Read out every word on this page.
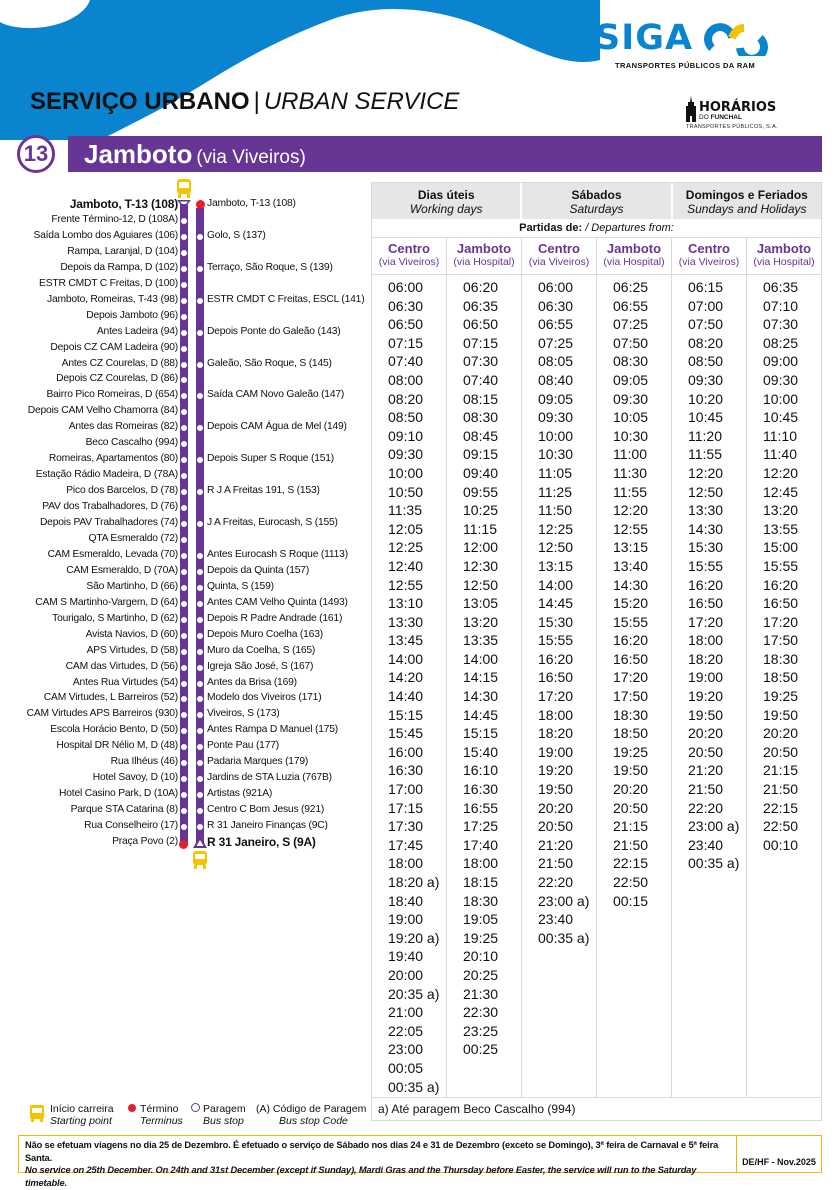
SIGA
TRANSPORTES PÚBLICOS DA RAM
HORÁRIOS
DO FUNCHAL
TRANSPORTES PÚBLICOS, S.A.
SERVIÇO URBANO | URBAN SERVICE
13 Jamboto (via Viveiros)
Jamboto, T-13 (108)
Frente Término-12, D (108A)
Saída Lombo dos Aguiares (106)
Rampa, Laranjal, D (104)
Depois da Rampa, D (102)
ESTR CMDT C Freitas, D (100)
Jamboto, Romeiras, T-43 (98)
Depois Jamboto (96)
Antes Ladeira (94)
Depois CZ CAM Ladeira (90)
Antes CZ Courelas, D (88)
Depois CZ Courelas, D (86)
Bairro Pico Romeiras, D (654)
Depois CAM Velho Chamorra (84)
Antes das Romeiras (82)
Beco Cascalho (994)
Romeiras, Apartamentos (80)
Estação Rádio Madeira, D (78A)
Pico dos Barcelos, D (78)
PAV dos Trabalhadores, D (76)
Depois PAV Trabalhadores (74)
QTA Esmeraldo (72)
CAM Esmeraldo, Levada (70)
CAM Esmeraldo, D (70A)
São Martinho, D (66)
CAM S Martinho-Vargem, D (64)
Tourigalo, S Martinho, D (62)
Avista Navios, D (60)
APS Virtudes, D (58)
CAM das Virtudes, D (56)
Antes Rua Virtudes (54)
CAM Virtudes, L Barreiros (52)
CAM Virtudes APS Barreiros (930)
Escola Horácio Bento, D (50)
Hospital DR Nélio M, D (48)
Rua Ilhéus (46)
Hotel Savoy, D (10)
Hotel Casino Park, D (10A)
Parque STA Catarina (8)
Rua Conselheiro (17)
Praça Povo (2)
Jamboto, T-13 (108)
Golo, S (137)
Terraço, São Roque, S (139)
ESTR CMDT C Freitas, ESCL (141)
Depois Ponte do Galeão (143)
Galeão, São Roque, S (145)
Saída CAM Novo Galeão (147)
Depois CAM Água de Mel (149)
Depois Super S Roque (151)
R J A Freitas 191, S (153)
J A Freitas, Eurocash, S (155)
Antes Eurocash S Roque (1113)
Depois da Quinta (157)
Quinta, S (159)
Antes CAM Velho Quinta (1493)
Depois R Padre Andrade (161)
Depois Muro Coelha (163)
Muro da Coelha, S (165)
Igreja São José, S (167)
Antes da Brisa (169)
Modelo dos Viveiros (171)
Viveiros, S (173)
Antes Rampa D Manuel (175)
Ponte Pau (177)
Padaria Marques (179)
Jardins de STA Luzia (767B)
Artistas (921A)
Centro C Bom Jesus (921)
R 31 Janeiro Finanças (9C)
R 31 Janeiro, S (9A)
Dias úteis
Working days
Sábados
Saturdays
Domingos e Feriados
Sundays and Holidays
Partidas de: / Departures from:
Centro
(via Viveiros)
Jamboto
(via Hospital)
Centro
(via Viveiros)
Jamboto
(via Hospital)
Centro
(via Viveiros)
Jamboto
(via Hospital)
06:00
06:30
06:50
07:15
07:40
08:00
08:20
08:50
09:10
09:30
10:00
10:50
11:35
12:05
12:25
12:40
12:55
13:10
13:30
13:45
14:00
14:20
14:40
15:15
15:45
16:00
16:30
17:00
17:15
17:30
17:45
18:00
18:20 a)
18:40
19:00
19:20 a)
19:40
20:00
20:35 a)
21:00
22:05
23:00
00:05
00:35 a)
06:20
06:35
06:50
07:15
07:30
07:40
08:15
08:30
08:45
09:15
09:40
09:55
10:25
11:15
12:00
12:30
12:50
13:05
13:20
13:35
14:00
14:15
14:30
14:45
15:15
15:40
16:10
16:30
16:55
17:25
17:40
18:00
18:15
18:30
19:05
19:25
20:10
20:25
21:30
22:30
23:25
00:25
06:00
06:30
06:55
07:25
08:05
08:40
09:05
09:30
10:00
10:30
11:05
11:25
11:50
12:25
12:50
13:15
14:00
14:45
15:30
15:55
16:20
16:50
17:20
18:00
18:20
19:00
19:20
19:50
20:20
20:50
21:20
21:50
22:20
23:00 a)
23:40
00:35 a)
06:25
06:55
07:25
07:50
08:30
09:05
09:30
10:05
10:30
11:00
11:30
11:55
12:20
12:55
13:15
13:40
14:30
15:20
15:55
16:20
16:50
17:20
17:50
18:30
18:50
19:25
19:50
20:20
20:50
21:15
21:50
22:15
22:50
00:15
06:15
07:00
07:50
08:20
08:50
09:30
10:20
10:45
11:20
11:55
12:20
12:50
13:30
14:30
15:30
15:55
16:20
16:50
17:20
18:00
18:20
19:00
19:20
19:50
20:20
20:50
21:20
21:50
22:20
23:00 a)
23:40
00:35 a)
06:35
07:10
07:30
08:25
09:00
09:30
10:00
10:45
11:10
11:40
12:20
12:45
13:20
13:55
15:00
15:55
16:20
16:50
17:20
17:50
18:30
18:50
19:25
19:50
20:20
20:50
21:15
21:50
22:15
22:50
00:10
a) Até paragem Beco Cascalho (994)
Início carreira
Starting point
Término
Terminus
Paragem
Bus stop
(A) Código de Paragem
Bus stop Code
Não se efetuam viagens no dia 25 de Dezembro. É efetuado o serviço de Sábado nos dias 24 e 31 de Dezembro (exceto se Domingo), 3ª feira de Carnaval e 5ª feira Santa.
No service on 25th December. On 24th and 31st December (except if Sunday), Mardi Gras and the Thursday before Easter, the service will run to the Saturday timetable.
DE/HF - Nov.2025
